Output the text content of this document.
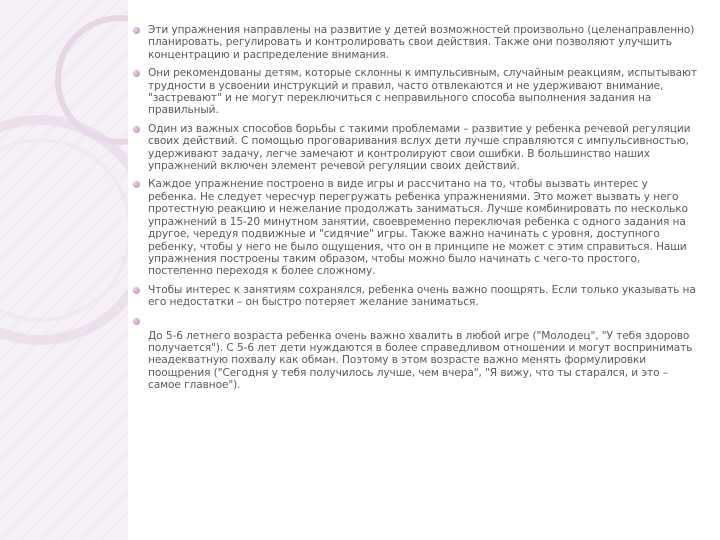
Эти упражнения направлены на развитие у детей возможностей произвольно (целенаправленно) планировать, регулировать и контролировать свои действия. Также они позволяют улучшить концентрацию и распределение внимания.
Они рекомендованы детям, которые склонны к импульсивным, случайным реакциям, испытывают трудности в усвоении инструкций и правил, часто отвлекаются и не удерживают внимание, "застревают" и не могут переключиться с неправильного способа выполнения задания на правильный.
Один из важных способов борьбы с такими проблемами – развитие у ребенка речевой регуляции своих действий. С помощью проговаривания вслух дети лучше справляются с импульсивностью, удерживают задачу, легче замечают и контролируют свои ошибки. В большинство наших упражнений включен элемент речевой регуляции своих действий.
Каждое упражнение построено в виде игры и рассчитано на то, чтобы вызвать интерес у ребенка. Не следует чересчур перегружать ребенка упражнениями. Это может вызвать у него протестную реакцию и нежелание продолжать заниматься. Лучше комбинировать по несколько упражнений в 15-20 минутном занятии, своевременно переключая ребенка с одного задания на другое, чередуя подвижные и "сидячие" игры. Также важно начинать с уровня, доступного ребенку, чтобы у него не было ощущения, что он в принципе не может с этим справиться. Наши упражнения построены таким образом, чтобы можно было начинать с чего-то простого, постепенно переходя к более сложному.
Чтобы интерес к занятиям сохранялся, ребенка очень важно поощрять. Если только указывать на его недостатки – он быстро потеряет желание заниматься.
До 5-6 летнего возраста ребенка очень важно хвалить в любой игре ("Молодец", "У тебя здорово получается"). С 5-6 лет дети нуждаются в более справедливом отношении и могут воспринимать неадекватную похвалу как обман. Поэтому в этом возрасте важно менять формулировки поощрения ("Сегодня у тебя получилось лучше, чем вчера", "Я вижу, что ты старался, и это – самое главное").
